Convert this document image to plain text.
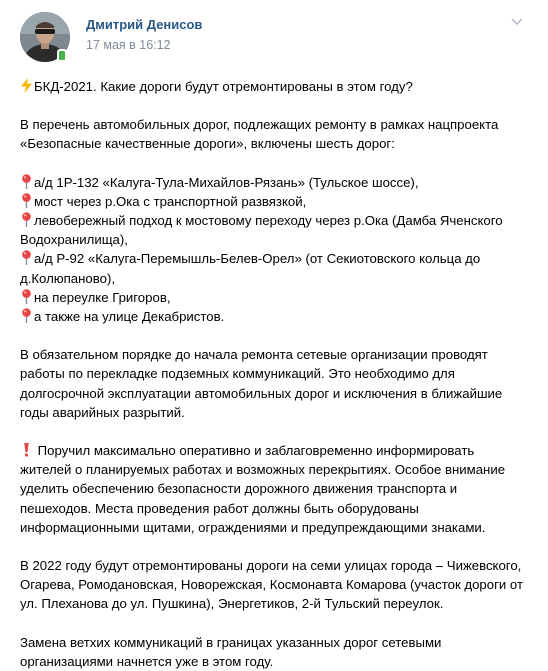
Дмитрий Денисов
17 мая в 16:12

БКД-2021. Какие дороги будут отремонтированы в этом году?

В перечень автомобильных дорог, подлежащих ремонту в рамках нацпроекта

«Безопасные качественные дороги», включены шесть дорог:

а/д 1Р-132 «Калуга-Тула-Михайлов-Рязань» (Тульское шоссе),

мост через р.Ока с транспортной развязкой,

левобережный подход к мостовому переходу через р.Ока (Дамба Яченского

Водохранилища),

а/д Р-92 «Калуга-Перемышль-Белев-Орел» (от Секиотовского кольца до

д.Колюпаново),

на переулке Григоров,

а также на улице Декабристов.

В обязательном порядке до начала ремонта сетевые организации проводят

работы по перекладке подземных коммуникаций. Это необходимо для

долгосрочной эксплуатации автомобильных дорог и исключения в ближайшие

годы аварийных разрытий.

Поручил максимально оперативно и заблаговременно информировать

жителей о планируемых работах и возможных перекрытиях. Особое внимание

уделить обеспечению безопасности дорожного движения транспорта и

пешеходов. Места проведения работ должны быть оборудованы

информационными щитами, ограждениями и предупреждающими знаками.

В 2022 году будут отремонтированы дороги на семи улицах города – Чижевского,

Огарева, Ромодановская, Новорежская, Космонавта Комарова (участок дороги от

ул. Плеханова до ул. Пушкина), Энергетиков, 2-й Тульский переулок.

Замена ветхих коммуникаций в границах указанных дорог сетевыми

организациями начнется уже в этом году.
